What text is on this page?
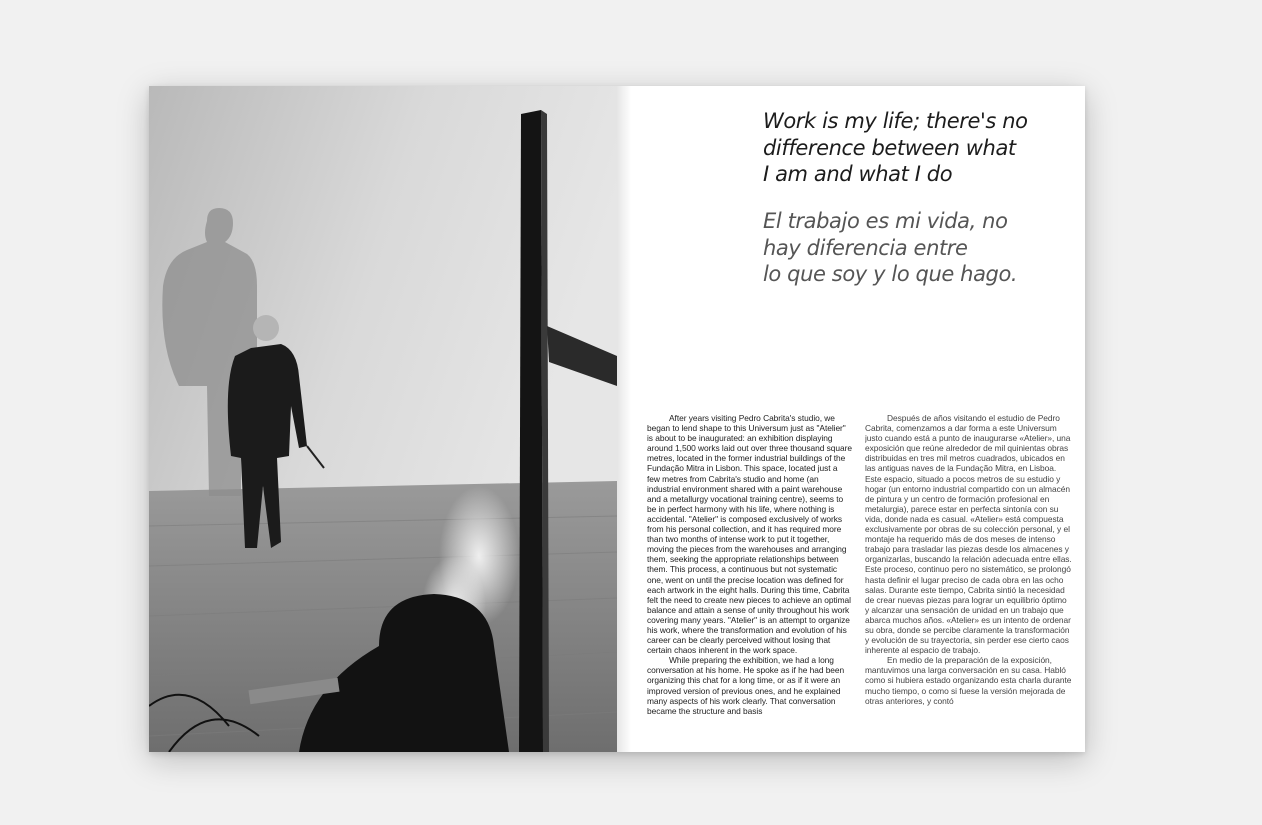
Work is my life; there's no
difference between what
I am and what I do
El trabajo es mi vida, no
hay diferencia entre
lo que soy y lo que hago.

After years visiting Pedro Cabrita's studio, we began to lend shape to this Universum just as "Atelier" is about to be inaugurated: an exhibition displaying around 1,500 works laid out over three thousand square metres, located in the former industrial buildings of the Fundação Mitra in Lisbon. This space, located just a few metres from Cabrita's studio and home (an industrial environment shared with a paint warehouse and a metallurgy vocational training centre), seems to be in perfect harmony with his life, where nothing is accidental. "Atelier" is composed exclusively of works from his personal collection, and it has required more than two months of intense work to put it together, moving the pieces from the warehouses and arranging them, seeking the appropriate relationships between them. This process, a continuous but not systematic one, went on until the precise location was defined for each artwork in the eight halls. During this time, Cabrita felt the need to create new pieces to achieve an optimal balance and attain a sense of unity throughout his work covering many years. "Atelier" is an attempt to organize his work, where the transformation and evolution of his career can be clearly perceived without losing that certain chaos inherent in the work space.

While preparing the exhibition, we had a long conversation at his home. He spoke as if he had been organizing this chat for a long time, or as if it were an improved version of previous ones, and he explained many aspects of his work clearly. That conversation became the structure and basis

Después de años visitando el estudio de Pedro Cabrita, comenzamos a dar forma a este Universum justo cuando está a punto de inaugurarse «Atelier», una exposición que reúne alrededor de mil quinientas obras distribuidas en tres mil metros cuadrados, ubicados en las antiguas naves de la Fundação Mitra, en Lisboa. Este espacio, situado a pocos metros de su estudio y hogar (un entorno industrial compartido con un almacén de pintura y un centro de formación profesional en metalurgia), parece estar en perfecta sintonía con su vida, donde nada es casual. «Atelier» está compuesta exclusivamente por obras de su colección personal, y el montaje ha requerido más de dos meses de intenso trabajo para trasladar las piezas desde los almacenes y organizarlas, buscando la relación adecuada entre ellas. Este proceso, continuo pero no sistemático, se prolongó hasta definir el lugar preciso de cada obra en las ocho salas. Durante este tiempo, Cabrita sintió la necesidad de crear nuevas piezas para lograr un equilibrio óptimo y alcanzar una sensación de unidad en un trabajo que abarca muchos años. «Atelier» es un intento de ordenar su obra, donde se percibe claramente la transformación y evolución de su trayectoria, sin perder ese cierto caos inherente al espacio de trabajo.

En medio de la preparación de la exposición, mantuvimos una larga conversación en su casa. Habló como si hubiera estado organizando esta charla durante mucho tiempo, o como si fuese la versión mejorada de otras anteriores, y contó
